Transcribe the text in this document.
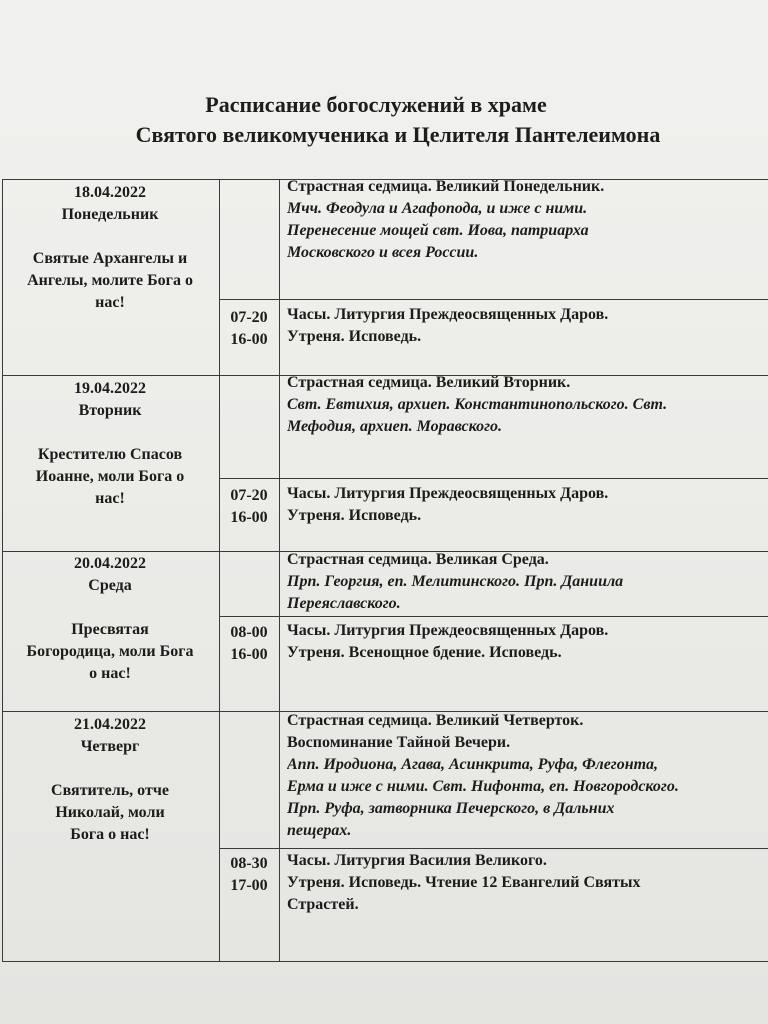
Расписание богослужений в храме
Святого великомученика и Целителя Пантелеимона
18.04.2022
Понедельник
Святые Архангелы и
Ангелы, молите Бога о
нас!
Страстная седмица. Великий Понедельник.
Мчч. Феодула и Агафопода, и иже с ними.
Перенесение мощей свт. Иова, патриарха
Московского и всея России.
07-20
16-00
Часы. Литургия Преждеосвященных Даров.
Утреня. Исповедь.
19.04.2022
Вторник
Крестителю Спасов
Иоанне, моли Бога о
нас!
Страстная седмица. Великий Вторник.
Свт. Евтихия, архиеп. Константинопольского. Свт.
Мефодия, архиеп. Моравского.
07-20
16-00
Часы. Литургия Преждеосвященных Даров.
Утреня. Исповедь.
20.04.2022
Среда
Пресвятая
Богородица, моли Бога
о нас!
Страстная седмица. Великая Среда.
Прп. Георгия, еп. Мелитинского. Прп. Даниила
Переяславского.
08-00
16-00
Часы. Литургия Преждеосвященных Даров.
Утреня. Всенощное бдение. Исповедь.
21.04.2022
Четверг
Святитель, отче
Николай, моли
Бога о нас!
Страстная седмица. Великий Четверток.
Воспоминание Тайной Вечери.
Апп. Иродиона, Агава, Асинкрита, Руфа, Флегонта,
Ерма и иже с ними. Свт. Нифонта, еп. Новгородского.
Прп. Руфа, затворника Печерского, в Дальних
пещерах.
08-30
17-00
Часы. Литургия Василия Великого.
Утреня. Исповедь. Чтение 12 Евангелий Святых
Страстей.
